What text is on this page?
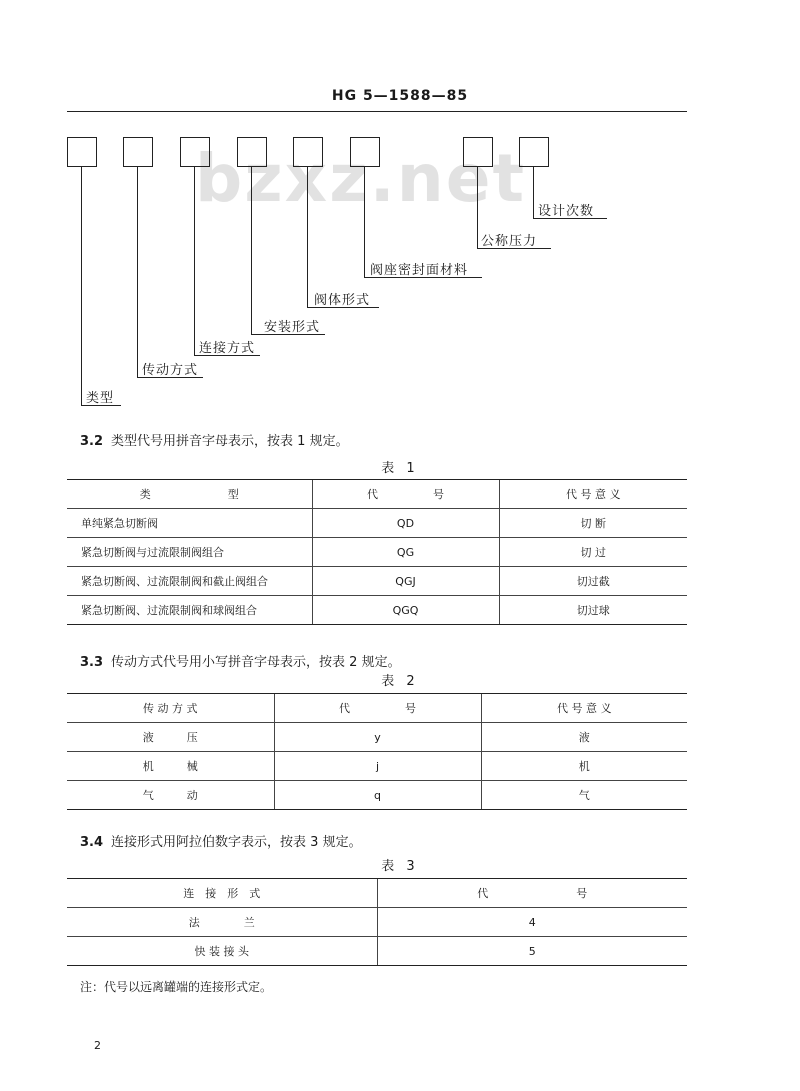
HG 5—1588—85
bzxz.net
类型
传动方式
连接方式
安装形式
阀体形式
阀座密封面材料
公称压力
设计次数
3.2 类型代号用拼音字母表示，按表 1 规定。
表 1
类　　　　　　　型	代　　　　　号	代 号 意 义
单纯紧急切断阀	QD	切 断
紧急切断阀与过流限制阀组合	QG	切 过
紧急切断阀、过流限制阀和截止阀组合	QGJ	切过截
紧急切断阀、过流限制阀和球阀组合	QGQ	切过球
3.3 传动方式代号用小写拼音字母表示，按表 2 规定。
表 2
传 动 方 式	代　　　　　号	代 号 意 义
液　　　压	y	液
机　　　械	j	机
气　　　动	q	气
3.4 连接形式用阿拉伯数字表示，按表 3 规定。
表 3
连　接　形　式	代　　　　　　　　号
法　　　　兰	4
快 装 接 头	5
注：代号以远离罐端的连接形式定。
2
